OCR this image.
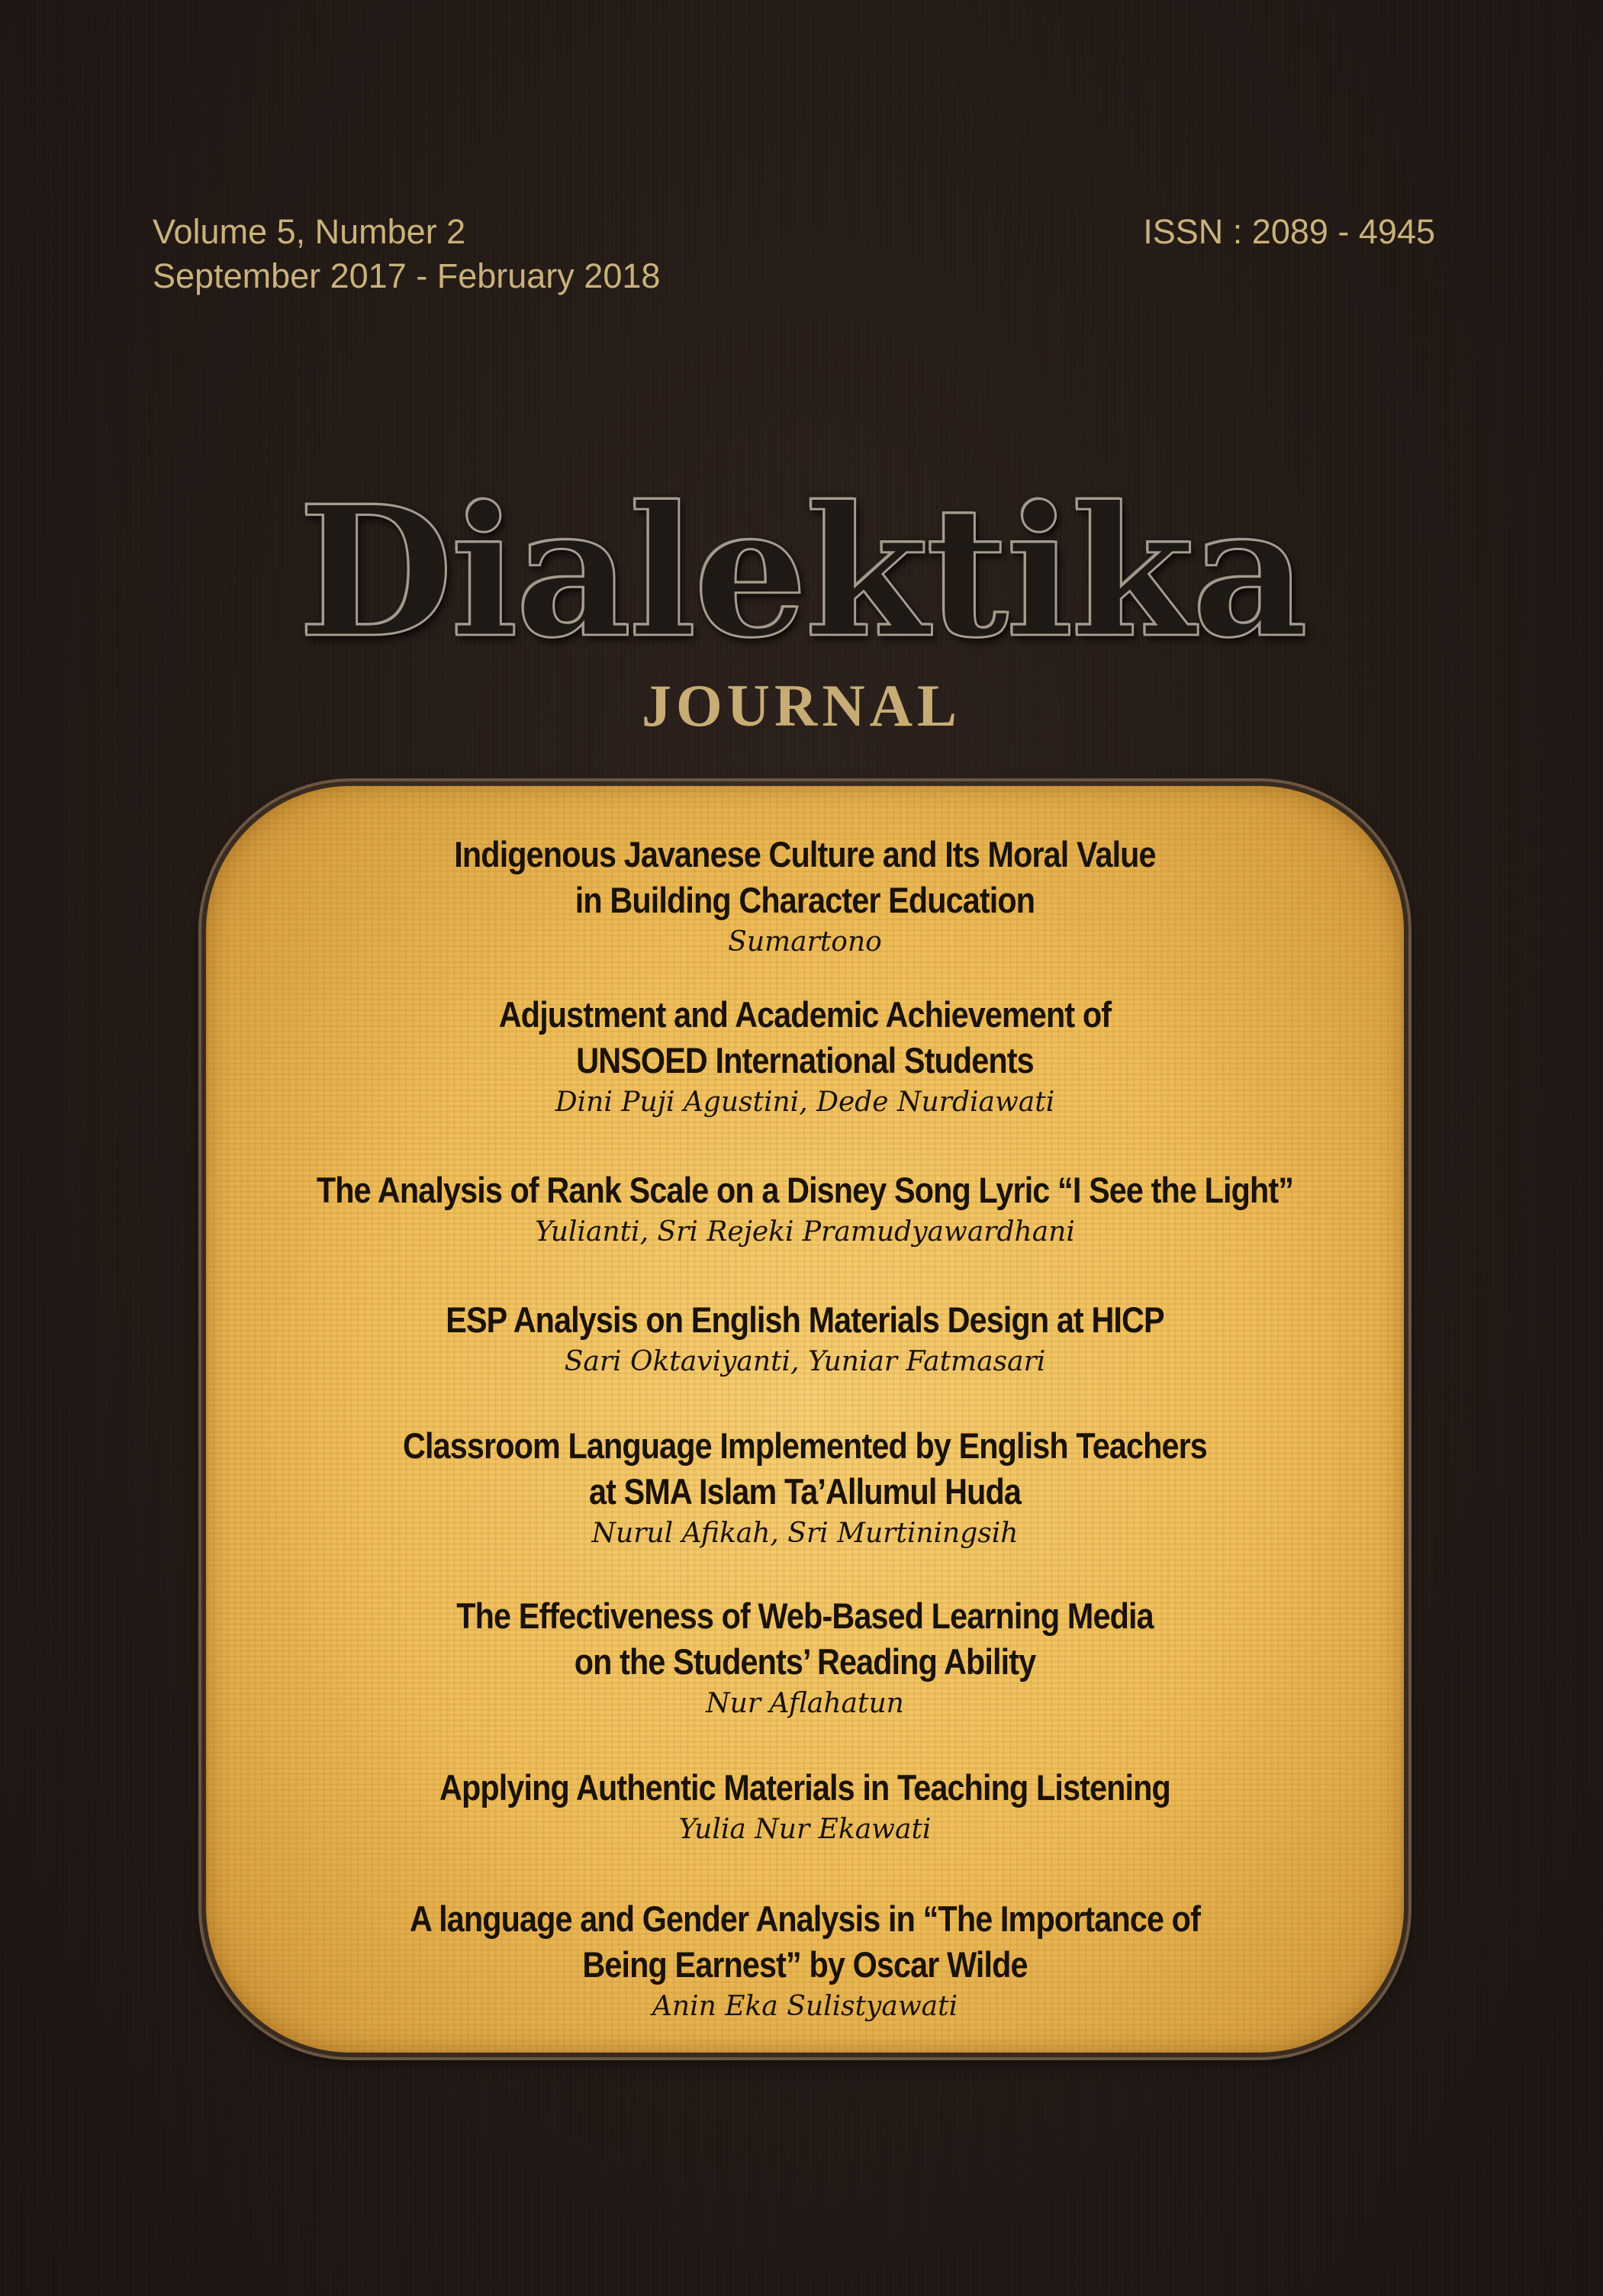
Volume 5, Number 2
September 2017 - February 2018
ISSN : 2089 - 4945
Dialektika
JOURNAL
Indigenous Javanese Culture and Its Moral Value
in Building Character Education
Sumartono
Adjustment and Academic Achievement of
UNSOED International Students
Dini Puji Agustini, Dede Nurdiawati
The Analysis of Rank Scale on a Disney Song Lyric “I See the Light”
Yulianti, Sri Rejeki Pramudyawardhani
ESP Analysis on English Materials Design at HICP
Sari Oktaviyanti, Yuniar Fatmasari
Classroom Language Implemented by English Teachers
at SMA Islam Ta’Allumul Huda
Nurul Afikah, Sri Murtiningsih
The Effectiveness of Web-Based Learning Media
on the Students’ Reading Ability
Nur Aflahatun
Applying Authentic Materials in Teaching Listening
Yulia Nur Ekawati
A language and Gender Analysis in “The Importance of
Being Earnest” by Oscar Wilde
Anin Eka Sulistyawati
